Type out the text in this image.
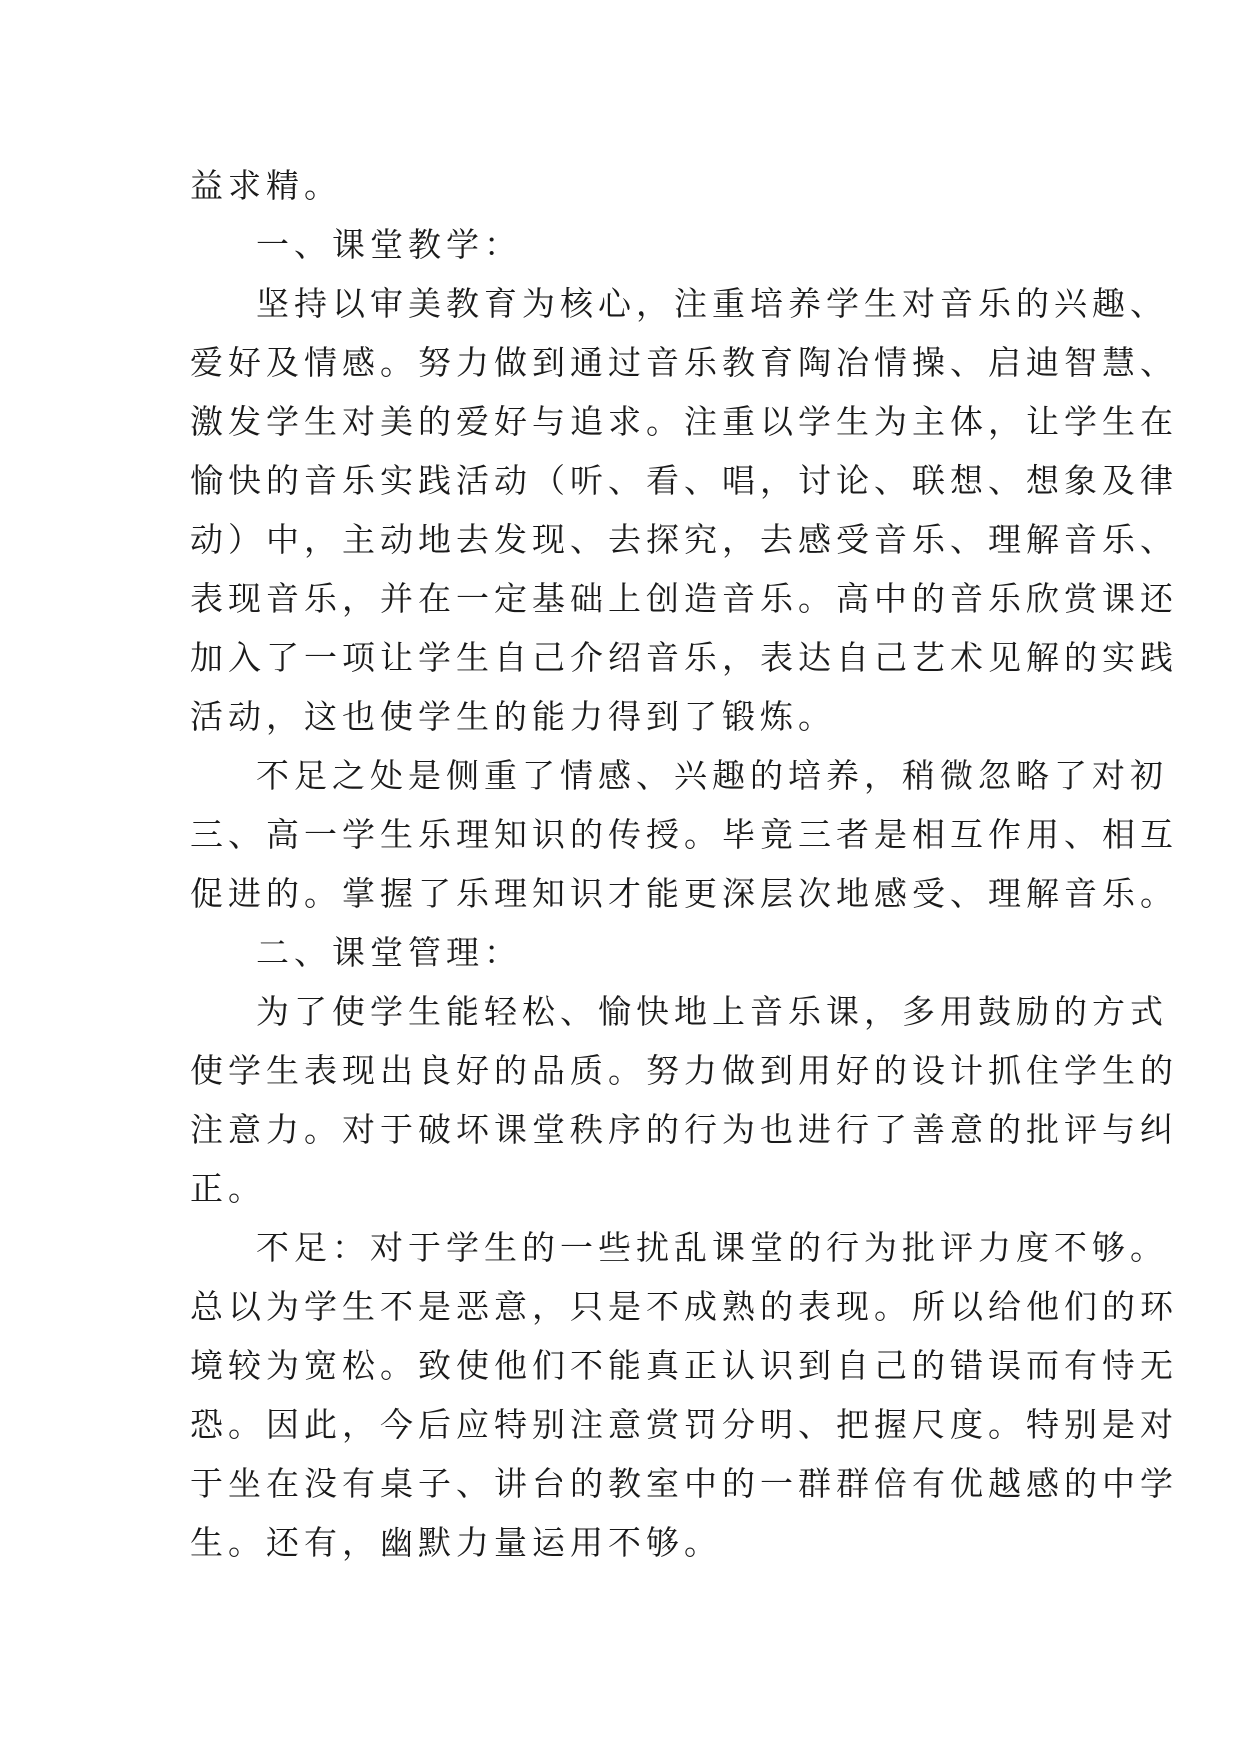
益求精。

一、课堂教学：

坚持以审美教育为核心，注重培养学生对音乐的兴趣、
爱好及情感。努力做到通过音乐教育陶冶情操、启迪智慧、
激发学生对美的爱好与追求。注重以学生为主体，让学生在
愉快的音乐实践活动（听、看、唱，讨论、联想、想象及律
动）中，主动地去发现、去探究，去感受音乐、理解音乐、
表现音乐，并在一定基础上创造音乐。高中的音乐欣赏课还
加入了一项让学生自己介绍音乐，表达自己艺术见解的实践
活动，这也使学生的能力得到了锻炼。

不足之处是侧重了情感、兴趣的培养，稍微忽略了对初
三、高一学生乐理知识的传授。毕竟三者是相互作用、相互
促进的。掌握了乐理知识才能更深层次地感受、理解音乐。

二、课堂管理：

为了使学生能轻松、愉快地上音乐课，多用鼓励的方式
使学生表现出良好的品质。努力做到用好的设计抓住学生的
注意力。对于破坏课堂秩序的行为也进行了善意的批评与纠
正。

不足：对于学生的一些扰乱课堂的行为批评力度不够。
总以为学生不是恶意，只是不成熟的表现。所以给他们的环
境较为宽松。致使他们不能真正认识到自己的错误而有恃无
恐。因此，今后应特别注意赏罚分明、把握尺度。特别是对
于坐在没有桌子、讲台的教室中的一群群倍有优越感的中学
生。还有，幽默力量运用不够。
